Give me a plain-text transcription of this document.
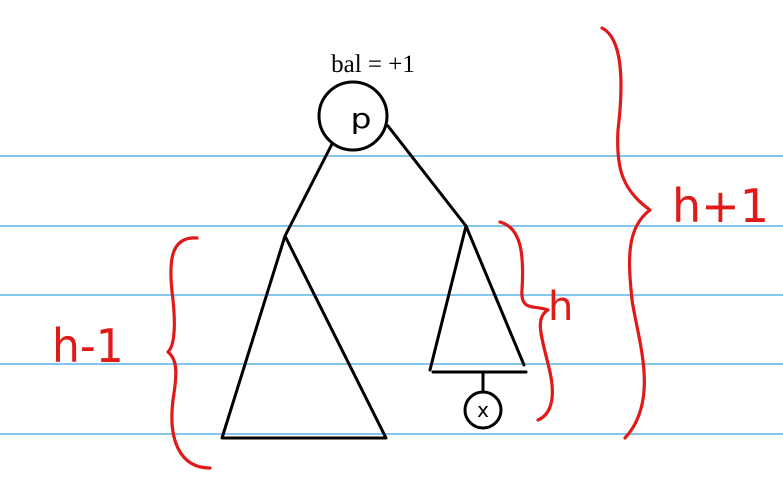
bal = +1
p
x
h-1
h
h+1
